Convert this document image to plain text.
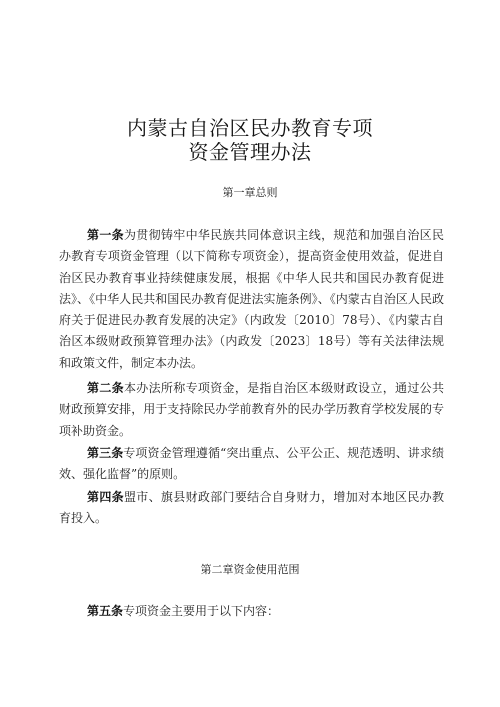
内蒙古自治区民办教育专项
资金管理办法
第一章总则
第一条为贯彻铸牢中华民族共同体意识主线，规范和加强自治区民办教育专项资金管理（以下简称专项资金），提高资金使用效益，促进自治区民办教育事业持续健康发展，根据《中华人民共和国民办教育促进法》、《中华人民共和国民办教育促进法实施条例》、《内蒙古自治区人民政府关于促进民办教育发展的决定》（内政发〔2010〕78号）、《内蒙古自治区本级财政预算管理办法》（内政发〔2023〕18号）等有关法律法规和政策文件，制定本办法。
第二条本办法所称专项资金，是指自治区本级财政设立，通过公共财政预算安排，用于支持除民办学前教育外的民办学历教育学校发展的专项补助资金。
第三条专项资金管理遵循“突出重点、公平公正、规范透明、讲求绩效、强化监督”的原则。
第四条盟市、旗县财政部门要结合自身财力，增加对本地区民办教育投入。
第二章资金使用范围
第五条专项资金主要用于以下内容：
